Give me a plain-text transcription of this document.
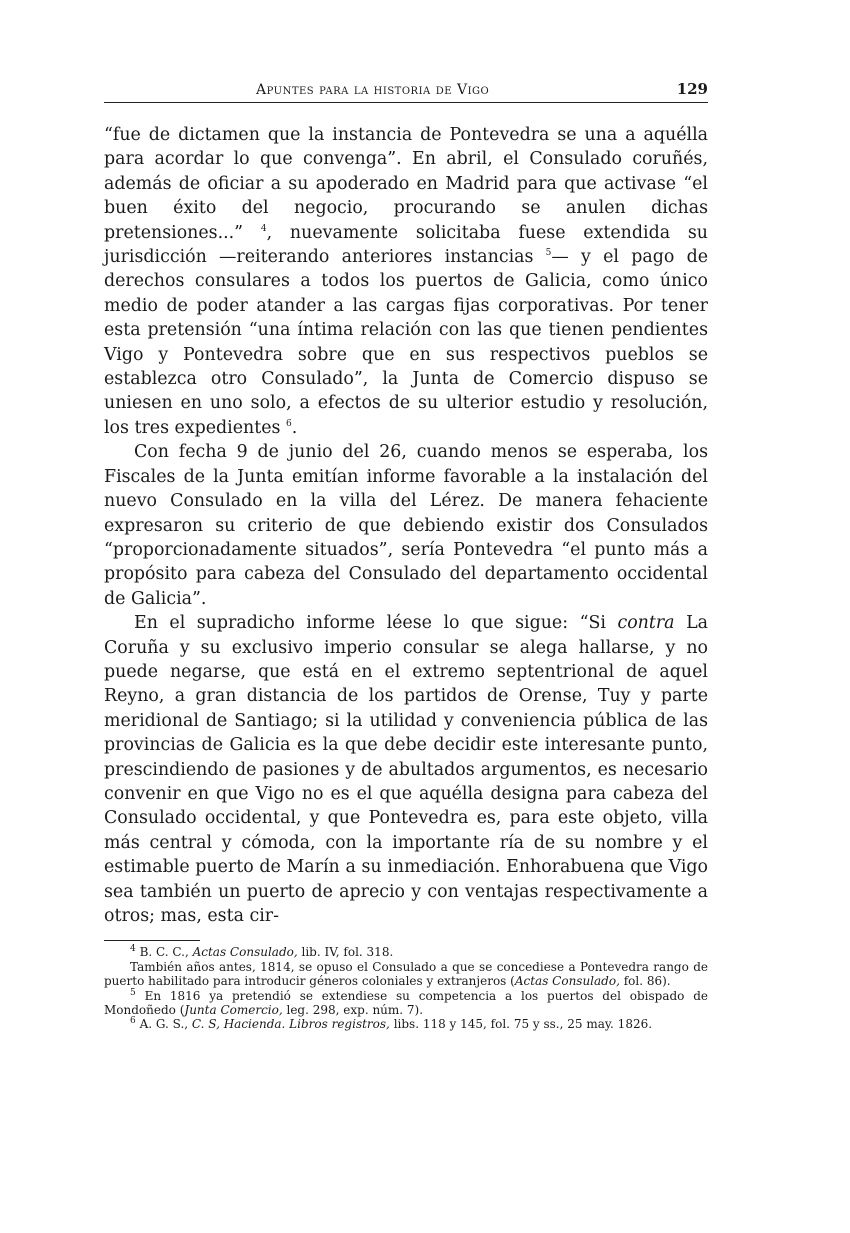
Apuntes para la historia de Vigo	129

“fue de dictamen que la instancia de Pontevedra se una a aquélla para acordar lo que convenga”. En abril, el Consulado coruñés, además de oficiar a su apoderado en Madrid para que activase “el buen éxito del negocio, procurando se anulen dichas pretensiones...” $^4$, nuevamente solicitaba fuese extendida su jurisdicción —reiterando anteriores instancias $^5$— y el pago de derechos consulares a todos los puertos de Galicia, como único medio de poder atander a las cargas fijas corporativas. Por tener esta pretensión “una íntima relación con las que tienen pendientes Vigo y Pontevedra sobre que en sus respectivos pueblos se establezca otro Consulado”, la Junta de Comercio dispuso se uniesen en uno solo, a efectos de su ulterior estudio y resolución, los tres expedientes $^6$.

Con fecha 9 de junio del 26, cuando menos se esperaba, los Fiscales de la Junta emitían informe favorable a la instalación del nuevo Consulado en la villa del Lérez. De manera fehaciente expresaron su criterio de que debiendo existir dos Consulados “proporcionadamente situados”, sería Pontevedra “el punto más a propósito para cabeza del Consulado del departamento occidental de Galicia”.

En el supradicho informe léese lo que sigue: “Si contra La Coruña y su exclusivo imperio consular se alega hallarse, y no puede negarse, que está en el extremo septentrional de aquel Reyno, a gran distancia de los partidos de Orense, Tuy y parte meridional de Santiago; si la utilidad y conveniencia pública de las provincias de Galicia es la que debe decidir este interesante punto, prescindiendo de pasiones y de abultados argumentos, es necesario convenir en que Vigo no es el que aquélla designa para cabeza del Consulado occidental, y que Pontevedra es, para este objeto, villa más central y cómoda, con la importante ría de su nombre y el estimable puerto de Marín a su inmediación. Enhorabuena que Vigo sea también un puerto de aprecio y con ventajas respectivamente a otros; mas, esta cir-

$^4$ B. C. C., Actas Consulado, lib. IV, fol. 318.

También años antes, 1814, se opuso el Consulado a que se concediese a Pontevedra rango de puerto habilitado para introducir géneros coloniales y extranjeros (Actas Consulado, fol. 86).

$^5$ En 1816 ya pretendió se extendiese su competencia a los puertos del obispado de Mondoñedo (Junta Comercio, leg. 298, exp. núm. 7).

$^6$ A. G. S., C. S, Hacienda. Libros registros, libs. 118 y 145, fol. 75 y ss., 25 may. 1826.
